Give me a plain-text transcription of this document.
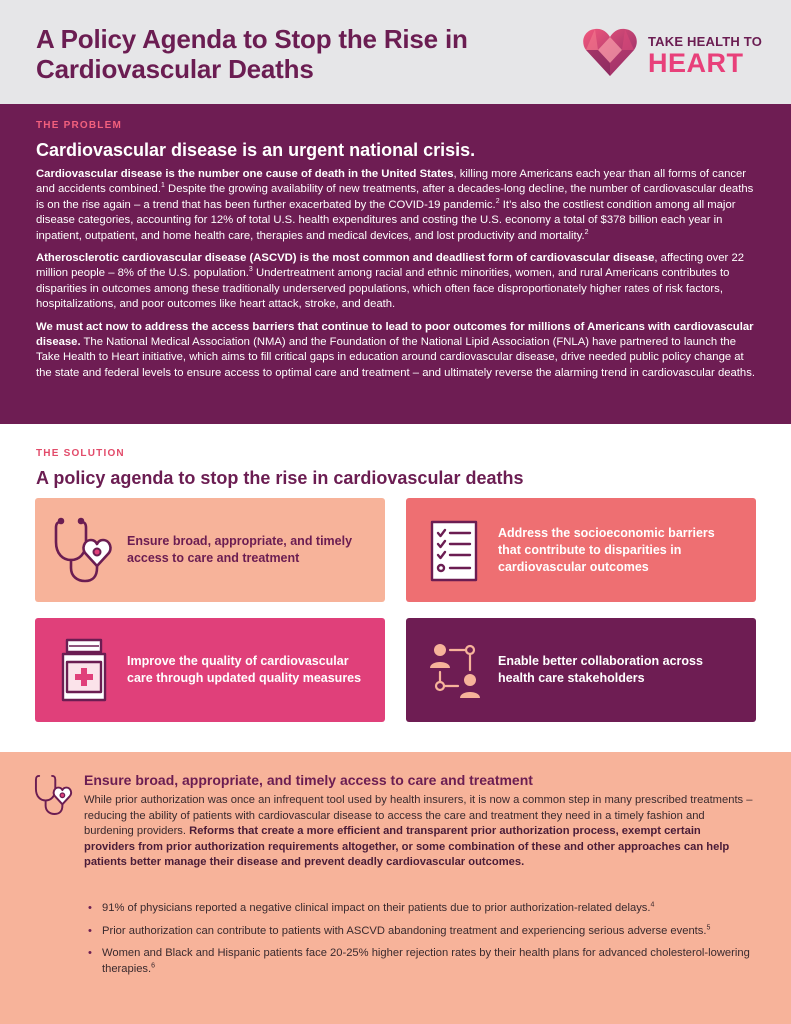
A Policy Agenda to Stop the Rise in Cardiovascular Deaths
TAKE HEALTH TO
HEART
THE PROBLEM
Cardiovascular disease is an urgent national crisis.

Cardiovascular disease is the number one cause of death in the United States, killing more Americans each year than all forms of cancer and accidents combined.$^1$ Despite the growing availability of new treatments, after a decades-long decline, the number of cardiovascular deaths is on the rise again – a trend that has been further exacerbated by the COVID-19 pandemic.$^2$ It’s also the costliest condition among all major disease categories, accounting for 12% of total U.S. health expenditures and costing the U.S. economy a total of $378 billion each year in inpatient, outpatient, and home health care, therapies and medical devices, and lost productivity and mortality.$^2$

Atherosclerotic cardiovascular disease (ASCVD) is the most common and deadliest form of cardiovascular disease, affecting over 22 million people – 8% of the U.S. population.$^3$ Undertreatment among racial and ethnic minorities, women, and rural Americans contributes to disparities in outcomes among these traditionally underserved populations, which often face disproportionately higher rates of risk factors, hospitalizations, and poor outcomes like heart attack, stroke, and death.

We must act now to address the access barriers that continue to lead to poor outcomes for millions of Americans with cardiovascular disease. The National Medical Association (NMA) and the Foundation of the National Lipid Association (FNLA) have partnered to launch the Take Health to Heart initiative, which aims to fill critical gaps in education around cardiovascular disease, drive needed public policy change at the state and federal levels to ensure access to optimal care and treatment – and ultimately reverse the alarming trend in cardiovascular deaths.

THE SOLUTION
A policy agenda to stop the rise in cardiovascular deaths
Ensure broad, appropriate, and timely access to care and treatment
Address the socioeconomic barriers that contribute to disparities in cardiovascular outcomes
Improve the quality of cardiovascular care through updated quality measures
Enable better collaboration across health care stakeholders
Ensure broad, appropriate, and timely access to care and treatment
While prior authorization was once an infrequent tool used by health insurers, it is now a common step in many prescribed treatments – reducing the ability of patients with cardiovascular disease to access the care and treatment they need in a timely fashion and burdening providers. Reforms that create a more efficient and transparent prior authorization process, exempt certain providers from prior authorization requirements altogether, or some combination of these and other approaches can help patients better manage their disease and prevent deadly cardiovascular outcomes.
• 91% of physicians reported a negative clinical impact on their patients due to prior authorization-related delays.$^4$
• Prior authorization can contribute to patients with ASCVD abandoning treatment and experiencing serious adverse events.$^5$
• Women and Black and Hispanic patients face 20-25% higher rejection rates by their health plans for advanced cholesterol-lowering therapies.$^6$
